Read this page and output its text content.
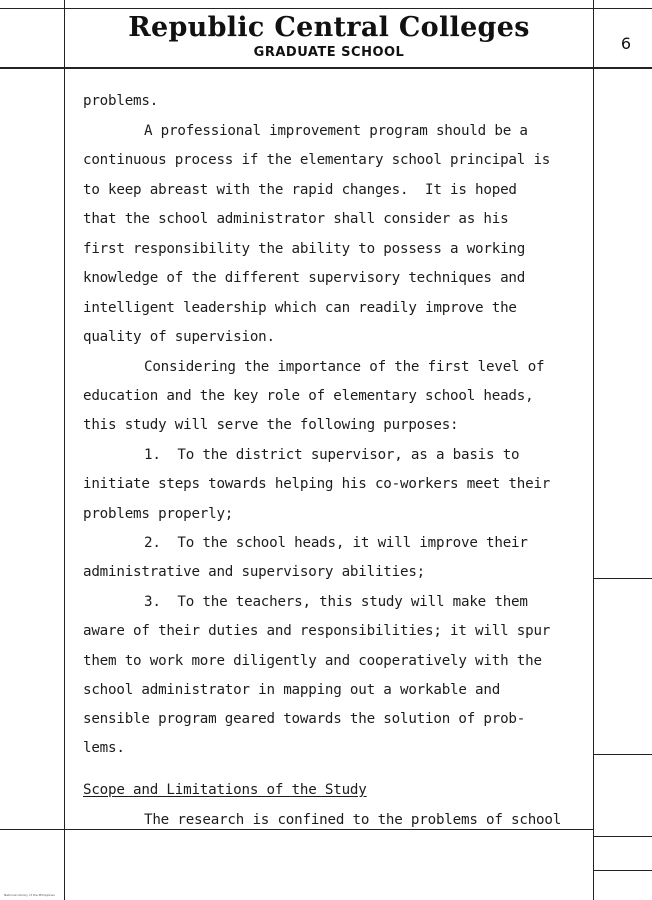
Republic Central Colleges
GRADUATE SCHOOL	6
problems.
A professional improvement program should be a
continuous process if the elementary school principal is
to keep abreast with the rapid changes.  It is hoped
that the school administrator shall consider as his
first responsibility the ability to possess a working
knowledge of the different supervisory techniques and
intelligent leadership which can readily improve the
quality of supervision.
Considering the importance of the first level of
education and the key role of elementary school heads,
this study will serve the following purposes:
1.  To the district supervisor, as a basis to
initiate steps towards helping his co-workers meet their
problems properly;
2.  To the school heads, it will improve their
administrative and supervisory abilities;
3.  To the teachers, this study will make them
aware of their duties and responsibilities; it will spur
them to work more diligently and cooperatively with the
school administrator in mapping out a workable and
sensible program geared towards the solution of prob-
lems.
Scope and Limitations of the Study
The research is confined to the problems of school
National Library of the Philippines
